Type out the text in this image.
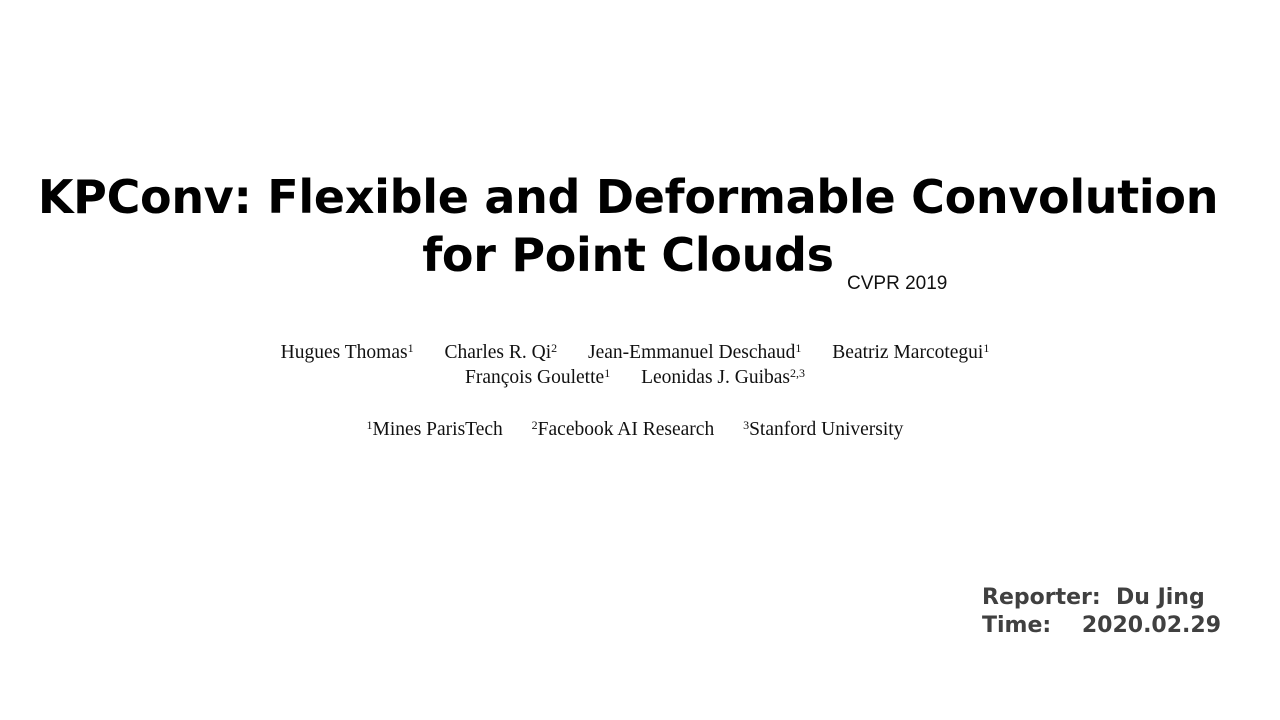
KPConv: Flexible and Deformable Convolution
for Point Clouds
CVPR 2019
Hugues Thomas$^1$ Charles R. Qi$^2$ Jean-Emmanuel Deschaud$^1$ Beatriz Marcotegui$^1$
François Goulette$^1$ Leonidas J. Guibas$^{2,3}$
$^1$Mines ParisTech $^2$Facebook AI Research $^3$Stanford University
Reporter: Du Jing
Time: 2020.02.29
